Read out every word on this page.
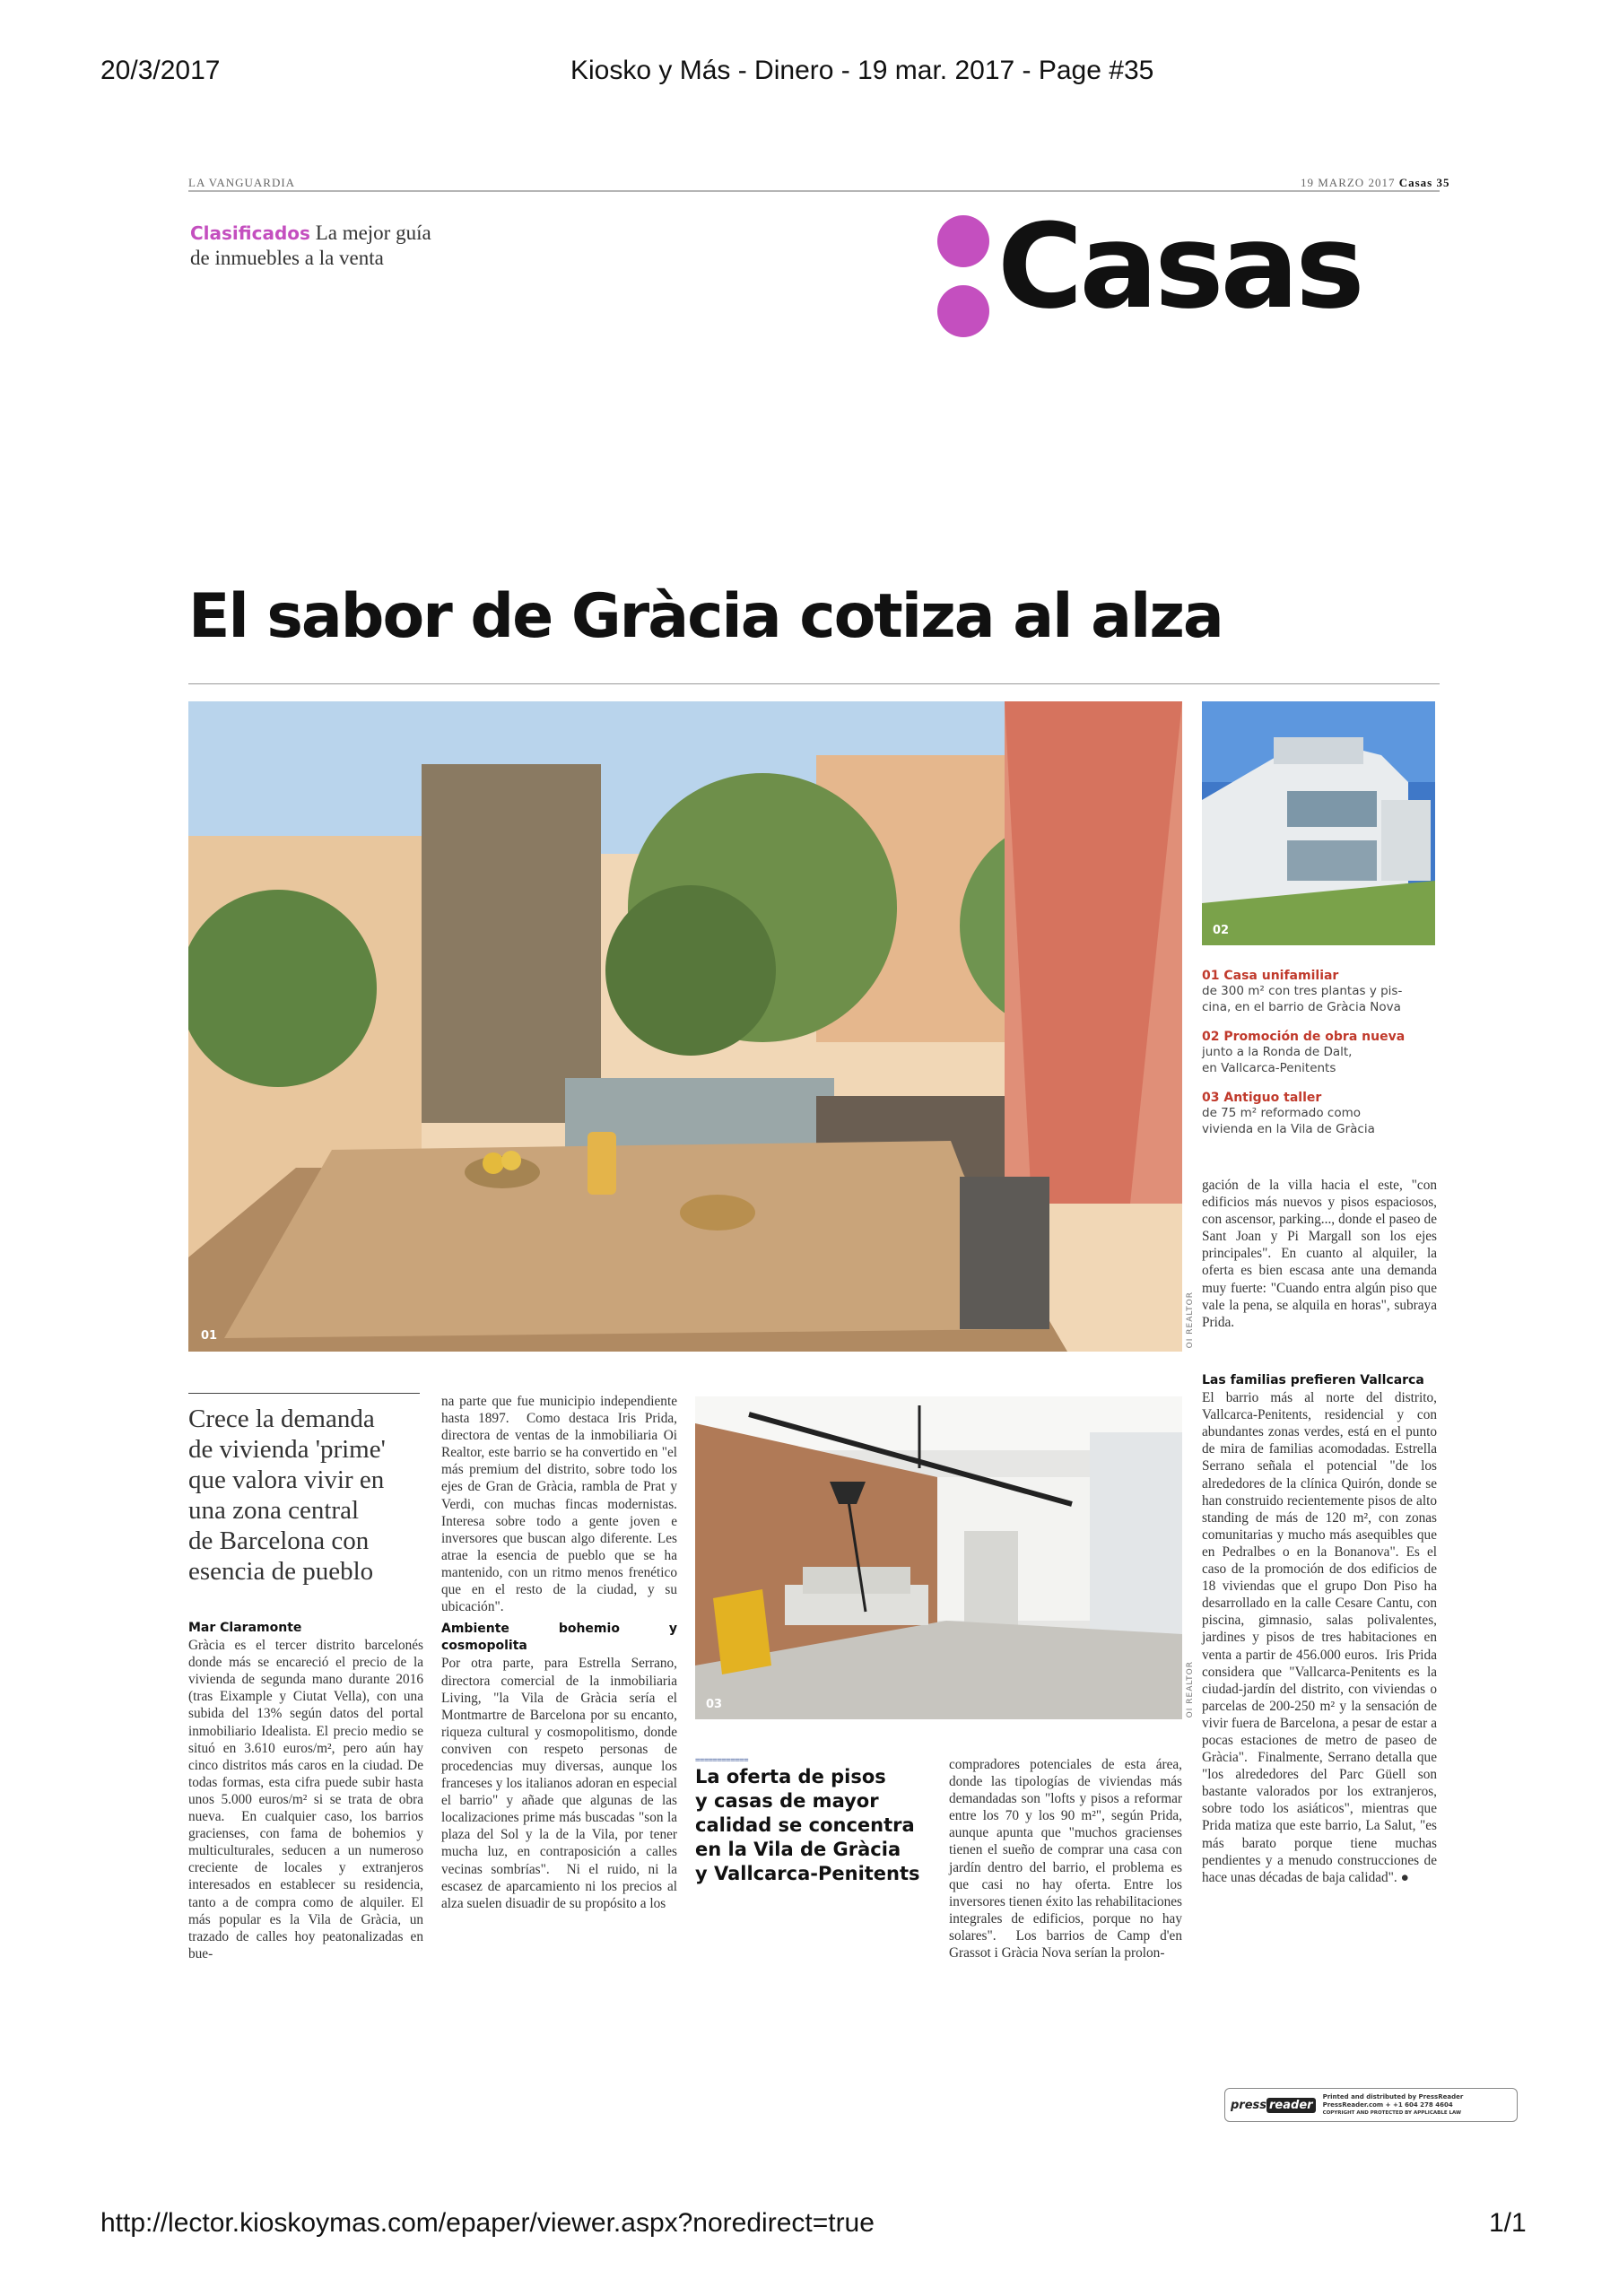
20/3/2017	Kiosko y Más - Dinero - 19 mar. 2017 - Page #35
http://lector.kioskoymas.com/epaper/viewer.aspx?noredirect=true	1/1
LA VANGUARDIA	19 MARZO 2017 Casas 35
Clasificados La mejor guía
de inmuebles a la venta	Casas
El sabor de Gràcia cotiza al alza
01	OI REALTOR
02

01 Casa unifamiliar

de 300 m² con tres plantas y pis-
cina, en el barrio de Gràcia Nova

02 Promoción de obra nueva

junto a la Ronda de Dalt,
en Vallcarca-Penitents

03 Antiguo taller

de 75 m² reformado como
vivienda en la Vila de Gràcia

gación de la villa hacia el este, "con edificios más nuevos y pisos espaciosos, con ascensor, parking..., donde el paseo de Sant Joan y Pi Margall son los ejes principales". En cuanto al alquiler, la oferta es bien escasa ante una demanda muy fuerte: "Cuando entra algún piso que vale la pena, se alquila en horas", subraya Prida.
Crece la demanda
de vivienda 'prime'
que valora vivir en
una zona central
de Barcelona con
esencia de pueblo

Mar Claramonte

Gràcia es el tercer distrito barcelonés donde más se encareció el precio de la vivienda de segunda mano durante 2016 (tras Eixample y Ciutat Vella), con una subida del 13% según datos del portal inmobiliario Idealista. El precio medio se situó en 3.610 euros/m², pero aún hay cinco distritos más caros en la ciudad. De todas formas, esta cifra puede subir hasta unos 5.000 euros/m² si se trata de obra nueva.  En cualquier caso, los barrios gracienses, con fama de bohemios y multiculturales, seducen a un numeroso creciente de locales y extranjeros interesados en establecer su residencia, tanto a de compra como de alquiler. El más popular es la Vila de Gràcia, un trazado de calles hoy peatonalizadas en bue-

na parte que fue municipio independiente hasta 1897.  Como destaca Iris Prida, directora de ventas de la inmobiliaria Oi Realtor, este barrio se ha convertido en "el más premium del distrito, sobre todo los ejes de Gran de Gràcia, rambla de Prat y Verdi, con muchas fincas modernistas. Interesa sobre todo a gente joven e inversores que buscan algo diferente. Les atrae la esencia de pueblo que se ha mantenido, con un ritmo menos frenético que en el resto de la ciudad, y su ubicación".

Ambiente bohemio y cosmopolita

Por otra parte, para Estrella Serrano, directora comercial de la inmobiliaria Living, "la Vila de Gràcia sería el Montmartre de Barcelona por su encanto, riqueza cultural y cosmopolitismo, donde conviven con respeto personas de procedencias muy diversas, aunque los franceses y los italianos adoran en especial el barrio" y añade que algunas de las localizaciones prime más buscadas "son la plaza del Sol y la de la Vila, por tener mucha luz, en contraposición a calles vecinas sombrías".  Ni el ruido, ni la escasez de aparcamiento ni los precios al alza suelen disuadir de su propósito a los

03	OI REALTOR
============
La oferta de pisos
y casas de mayor
calidad se concentra
en la Vila de Gràcia
y Vallcarca-Penitents
compradores potenciales de esta área, donde las tipologías de viviendas más demandadas son "lofts y pisos a reformar entre los 70 y los 90 m²", según Prida, aunque apunta que "muchos gracienses tienen el sueño de comprar una casa con jardín dentro del barrio, el problema es que casi no hay oferta. Entre los inversores tienen éxito las rehabilitaciones integrales de edificios, porque no hay solares".  Los barrios de Camp d'en Grassot i Gràcia Nova serían la prolon-

Las familias prefieren Vallcarca

El barrio más al norte del distrito, Vallcarca-Penitents, residencial y con abundantes zonas verdes, está en el punto de mira de familias acomodadas. Estrella Serrano señala el potencial "de los alrededores de la clínica Quirón, donde se han construido recientemente pisos de alto standing de más de 120 m², con zonas comunitarias y mucho más asequibles que en Pedralbes o en la Bonanova". Es el caso de la promoción de dos edificios de 18 viviendas que el grupo Don Piso ha desarrollado en la calle Cesare Cantu, con piscina, gimnasio, salas polivalentes, jardines y pisos de tres habitaciones en venta a partir de 456.000 euros.  Iris Prida considera que "Vallcarca-Penitents es la ciudad-jardín del distrito, con viviendas o parcelas de 200-250 m² y la sensación de vivir fuera de Barcelona, a pesar de estar a pocas estaciones de metro de paseo de Gràcia".  Finalmente, Serrano detalla que "los alrededores del Parc Güell son bastante valorados por los extranjeros, sobre todo los asiáticos", mientras que Prida matiza que este barrio, La Salut, "es más barato porque tiene muchas pendientes y a menudo construcciones de hace unas décadas de baja calidad". ●

press reader
Printed and distributed by PressReader
PressReader.com + +1 604 278 4604
COPYRIGHT AND PROTECTED BY APPLICABLE LAW
